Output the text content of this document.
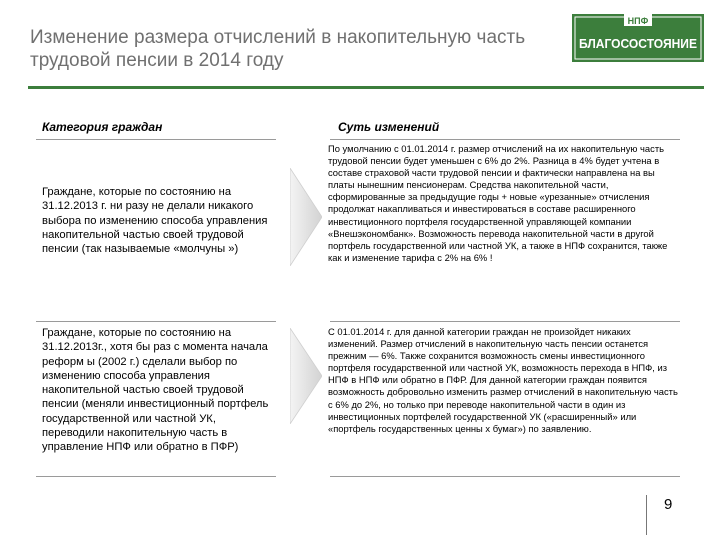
Изменение размера отчислений в накопительную часть трудовой пенсии в 2014 году
НПФ
БЛАГОСОСТОЯНИЕ
Категория граждан	Суть изменений
Граждане, которые по состоянию на 31.12.2013 г. ни разу не делали никакого выбора по изменению способа управления накопительной частью своей трудовой пенсии (так называемые «молчуны »)
По умолчанию с 01.01.2014 г. размер отчислений на их накопительную часть трудовой пенсии будет уменьшен с 6% до 2%. Разница в 4% будет учтена в составе страховой части трудовой пенсии и фактически направлена на вы платы нынешним пенсионерам. Средства накопительной части, сформированные за предыдущие годы + новые «урезанные» отчисления продолжат накапливаться и инвестироваться в составе расширенного инвестиционного портфеля государственной управляющей компании «Внешэкономбанк». Возможность перевода накопительной части в другой портфель государственной или частной УК, а также в НПФ сохранится, также как и изменение тарифа с 2% на 6% !
Граждане, которые по состоянию на 31.12.2013г., хотя бы раз с момента начала реформ ы (2002 г.) сделали выбор по изменению способа управления накопительной частью своей трудовой пенсии (меняли инвестиционный портфель государственной или частной УК, переводили накопительную часть в управление НПФ или обратно в ПФР)
С 01.01.2014 г. для данной категории граждан не произойдет никаких изменений. Размер отчислений в накопительную часть пенсии останется прежним — 6%. Также сохранится возможность смены инвестиционного портфеля государственной или частной УК, возможность перехода в НПФ, из НПФ в НПФ или обратно в ПФР. Для данной категории граждан появится возможность добровольно изменить размер отчислений в накопительную часть с 6% до 2%, но только при переводе накопительной части в один из инвестиционных портфелей государственной УК («расширенный» или «портфель государственных ценны х бумаг») по заявлению.
9
